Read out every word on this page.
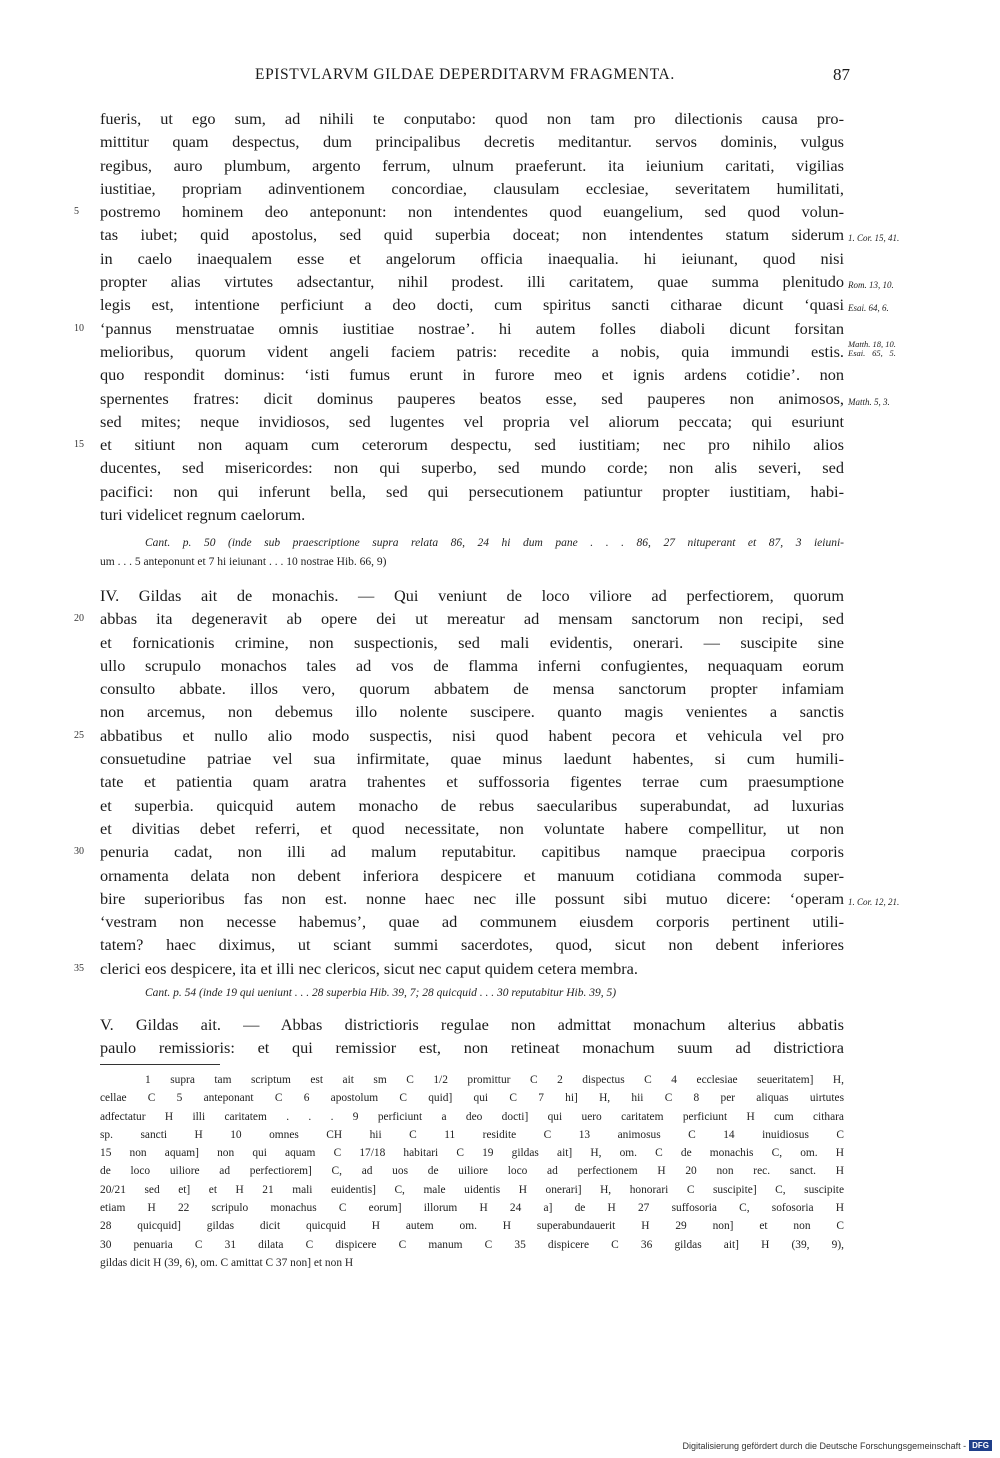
EPISTVLARVM GILDAE DEPERDITARVM FRAGMENTA.	87
fueris, ut ego sum, ad nihili te conputabo: quod non tam pro dilectionis causa pro-
mittitur quam despectus, dum principalibus decretis meditantur. servos dominis, vulgus
regibus, auro plumbum, argento ferrum, ulnum praeferunt. ita ieiunium caritati, vigilias
iustitiae, propriam adinventionem concordiae, clausulam ecclesiae, severitatem humilitati,
5 postremo hominem deo anteponunt: non intendentes quod euangelium, sed quod volun-
tas iubet; quid apostolus, sed quid superbia doceat; non intendentes statum siderum 1. Cor. 15, 41.
in caelo inaequalem esse et angelorum officia inaequalia. hi ieiunant, quod nisi
propter alias virtutes adsectantur, nihil prodest. illi caritatem, quae summa plenitudo Rom. 13, 10.
legis est, intentione perficiunt a deo docti, cum spiritus sancti citharae dicunt ‘quasi Esai. 64, 6.
10 ‘pannus menstruatae omnis iustitiae nostrae’. hi autem folles diaboli dicunt forsitan
melioribus, quorum vident angeli faciem patris: recedite a nobis, quia immundi estis. Matth. 18, 10.
Esai. 65, 5.
quo respondit dominus: ‘isti fumus erunt in furore meo et ignis ardens cotidie’. non
spernentes fratres: dicit dominus pauperes beatos esse, sed pauperes non animosos, Matth. 5, 3.
sed mites; neque invidiosos, sed lugentes vel propria vel aliorum peccata; qui esuriunt
15 et sitiunt non aquam cum ceterorum despectu, sed iustitiam; nec pro nihilo alios
ducentes, sed misericordes: non qui superbo, sed mundo corde; non alis severi, sed
pacifici: non qui inferunt bella, sed qui persecutionem patiuntur propter iustitiam, habi-
turi videlicet regnum caelorum.
Cant. p. 50 (inde sub praescriptione supra relata 86, 24 hi dum pane . . . 86, 27 nituperant et 87, 3 ieiuni-
um . . . 5 anteponunt et 7 hi ieiunant . . . 10 nostrae Hib. 66, 9)
IV. Gildas ait de monachis. — Qui veniunt de loco viliore ad perfectiorem, quorum
20 abbas ita degeneravit ab opere dei ut mereatur ad mensam sanctorum non recipi, sed
et fornicationis crimine, non suspectionis, sed mali evidentis, onerari. — suscipite sine
ullo scrupulo monachos tales ad vos de flamma inferni confugientes, nequaquam eorum
consulto abbate. illos vero, quorum abbatem de mensa sanctorum propter infamiam
non arcemus, non debemus illo nolente suscipere. quanto magis venientes a sanctis
25 abbatibus et nullo alio modo suspectis, nisi quod habent pecora et vehicula vel pro
consuetudine patriae vel sua infirmitate, quae minus laedunt habentes, si cum humili-
tate et patientia quam aratra trahentes et suffossoria figentes terrae cum praesumptione
et superbia. quicquid autem monacho de rebus saecularibus superabundat, ad luxurias
et divitias debet referri, et quod necessitate, non voluntate habere compellitur, ut non
30 penuria cadat, non illi ad malum reputabitur. capitibus namque praecipua corporis
ornamenta delata non debent inferiora despicere et manuum cotidiana commoda super-
bire superioribus fas non est. nonne haec nec ille possunt sibi mutuo dicere: ‘operam 1. Cor. 12, 21.
‘vestram non necesse habemus’, quae ad communem eiusdem corporis pertinent utili-
tatem? haec diximus, ut sciant summi sacerdotes, quod, sicut non debent inferiores
35 clerici eos despicere, ita et illi nec clericos, sicut nec caput quidem cetera membra.
Cant. p. 54 (inde 19 qui ueniunt . . . 28 superbia Hib. 39, 7; 28 quicquid . . . 30 reputabitur Hib. 39, 5)
V. Gildas ait. — Abbas districtioris regulae non admittat monachum alterius abbatis
paulo remissioris: et qui remissior est, non retineat monachum suum ad districtiora
1 supra tam scriptum est ait sm C 1/2 promittur C 2 dispectus C 4 ecclesiae seueritatem] H,
cellae C 5 anteponant C 6 apostolum C quid] qui C 7 hi] H, hii C 8 per aliquas uirtutes
adfectatur H illi caritatem . . . 9 perficiunt a deo docti] qui uero caritatem perficiunt H cum cithara
sp. sancti H 10 omnes CH hii C 11 residite C 13 animosus C 14 inuidiosus C
15 non aquam] non qui aquam C 17/18 habitari C 19 gildas ait] H, om. C de monachis C, om. H
de loco uiliore ad perfectiorem] C, ad uos de uiliore loco ad perfectionem H 20 non rec. sanct. H
20/21 sed et] et H 21 mali euidentis] C, male uidentis H onerari] H, honorari C suscipite] C, suscipite
etiam H 22 scripulo monachus C eorum] illorum H 24 a] de H 27 suffosoria C, sofosoria H
28 quicquid] gildas dicit quicquid H autem om. H superabundauerit H 29 non] et non C
30 penuaria C 31 dilata C dispicere C manum C 35 dispicere C 36 gildas ait] H (39, 9),
gildas dicit H (39, 6), om. C amittat C 37 non] et non H
Digitalisierung gefördert durch die Deutsche Forschungsgemeinschaft - DFG
